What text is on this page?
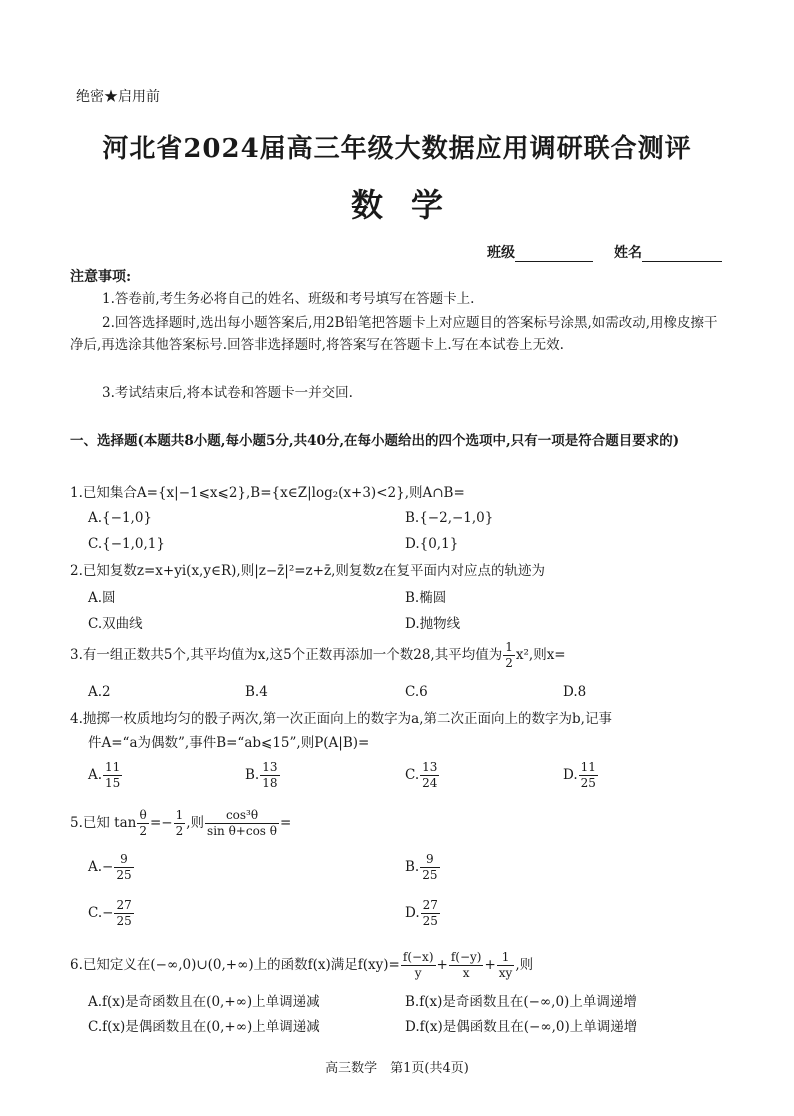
绝密★启用前
河北省2024届高三年级大数据应用调研联合测评
数学
班级	姓名
注意事项:
1.答卷前,考生务必将自己的姓名、班级和考号填写在答题卡上.
2.回答选择题时,选出每小题答案后,用2B铅笔把答题卡上对应题目的答案标号涂黑,如需改动,用橡皮擦干净后,再选涂其他答案标号.回答非选择题时,将答案写在答题卡上.写在本试卷上无效.
3.考试结束后,将本试卷和答题卡一并交回.
一、选择题(本题共8小题,每小题5分,共40分,在每小题给出的四个选项中,只有一项是符合题目要求的)
1.已知集合A={x|−1⩽x⩽2},B={x∈Z|log₂(x+3)<2},则A∩B=
A.{−1,0}	B.{−2,−1,0}
C.{−1,0,1}	D.{0,1}
2.已知复数z=x+yi(x,y∈R),则|z−z̄|²=z+z̄,则复数z在复平面内对应点的轨迹为
A.圆	B.椭圆
C.双曲线	D.抛物线
3.有一组正数共5个,其平均值为x,这5个正数再添加一个数28,其平均值为 $\frac{1}{2} x^2$,则x=
A.2	B.4	C.6	D.8
4.抛掷一枚质地均匀的骰子两次,第一次正面向上的数字为a,第二次正面向上的数字为b,记事
件A=“a为偶数”,事件B=“ab⩽15”,则P(A|B)=
A. $\frac{11}{15}$	B. $\frac{13}{18}$	C. $\frac{13}{24}$	D. $\frac{11}{25}$
5.已知 $\tan \frac{\theta}{2} =- \frac{1}{2}$ ,则 $\frac{\text{cos³θ}}{\text{sin θ+cos θ}}$ =
$A.- \frac{9}{25}$	B. $\frac{9}{25}$
$C.- \frac{27}{25}$	D. $\frac{27}{25}$
6.已知定义在(−∞,0)∪(0,+∞)上的函数f(x)满足$f(xy)= \frac{f(-x)}{y} + \frac{f(-y)}{x} + \frac{1}{xy}$ ,则
A.f(x)是奇函数且在(0,+∞)上单调递减	B.f(x)是奇函数且在(−∞,0)上单调递增
C.f(x)是偶函数且在(0,+∞)上单调递减	D.f(x)是偶函数且在(−∞,0)上单调递增
高三数学　第1页(共4页)
